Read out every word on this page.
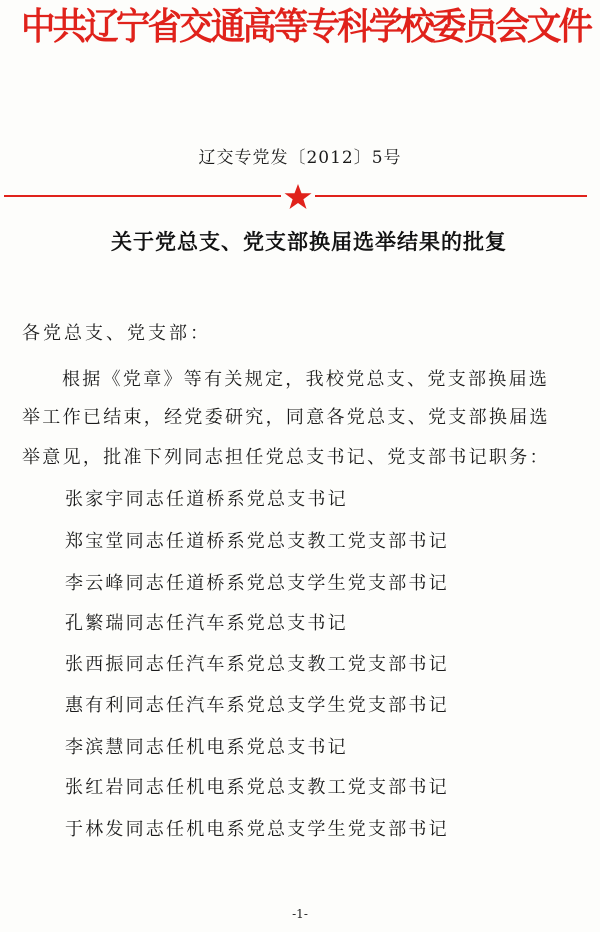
中共辽宁省交通高等专科学校委员会文件
辽交专党发〔2012〕5号
关于党总支、党支部换届选举结果的批复
各党总支、党支部：
根据《党章》等有关规定，我校党总支、党支部换届选
举工作已结束，经党委研究，同意各党总支、党支部换届选
举意见，批准下列同志担任党总支书记、党支部书记职务：
张家宇同志任道桥系党总支书记
郑宝堂同志任道桥系党总支教工党支部书记
李云峰同志任道桥系党总支学生党支部书记
孔繁瑞同志任汽车系党总支书记
张西振同志任汽车系党总支教工党支部书记
惠有利同志任汽车系党总支学生党支部书记
李滨慧同志任机电系党总支书记
张红岩同志任机电系党总支教工党支部书记
于林发同志任机电系党总支学生党支部书记
-1-
